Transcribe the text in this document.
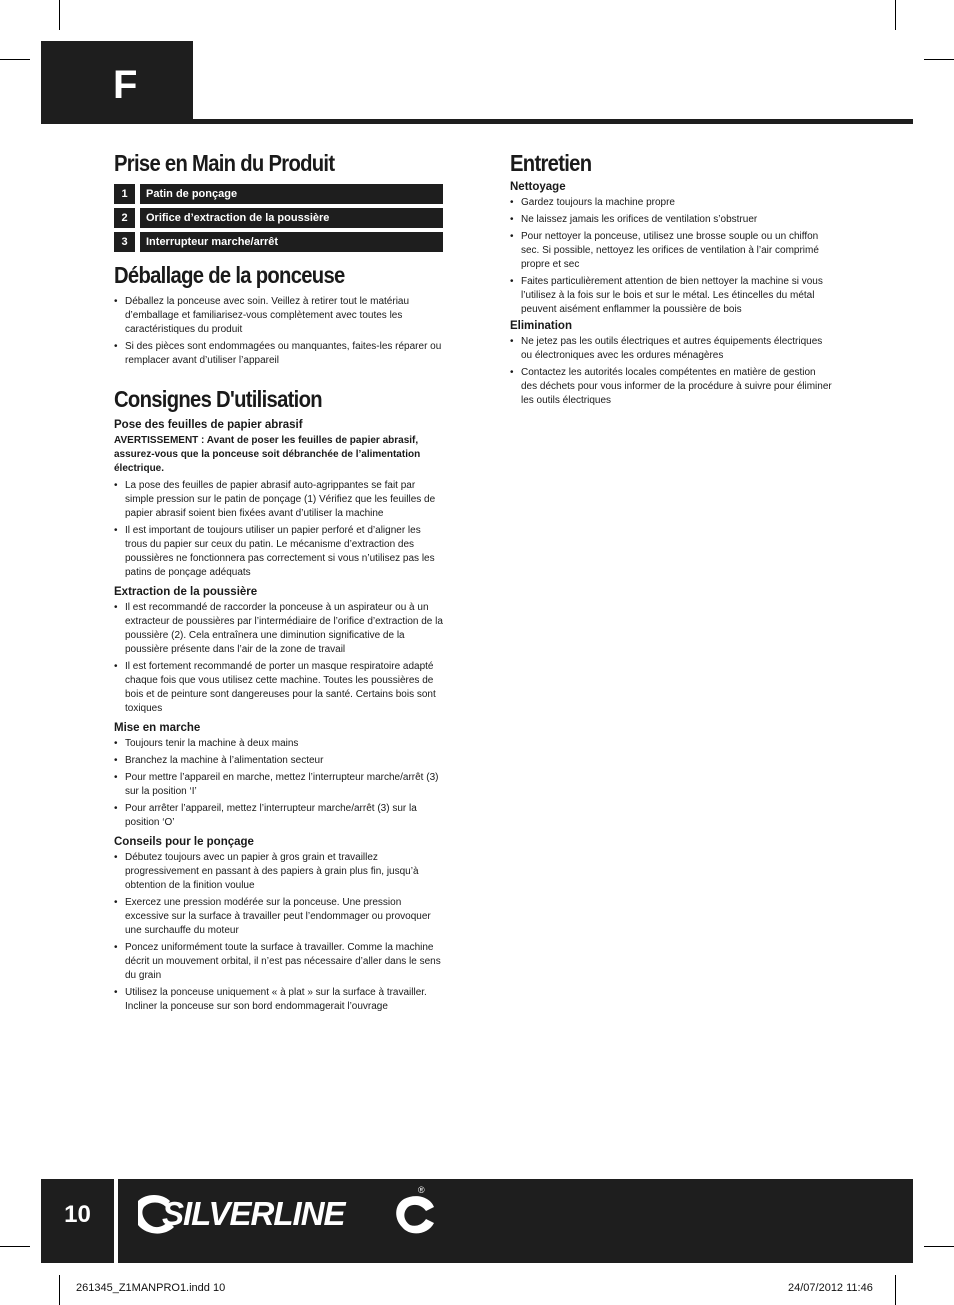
F
Prise en Main du Produit
1	Patin de ponçage
2	Orifice d’extraction de la poussière
3	Interrupteur marche/arrêt
Déballage de la ponceuse
• Déballez la ponceuse avec soin. Veillez à retirer tout le matériau d’emballage et familiarisez-vous complètement avec toutes les caractéristiques du produit
• Si des pièces sont endommagées ou manquantes, faites-les réparer ou remplacer avant d’utiliser l’appareil
Consignes D'utilisation
Pose des feuilles de papier abrasif
AVERTISSEMENT : Avant de poser les feuilles de papier abrasif, assurez-vous que la ponceuse soit débranchée de l’alimentation électrique.
• La pose des feuilles de papier abrasif auto-agrippantes se fait par simple pression sur le patin de ponçage (1) Vérifiez que les feuilles de papier abrasif soient bien fixées avant d’utiliser la machine
• Il est important de toujours utiliser un papier perforé et d’aligner les trous du papier sur ceux du patin. Le mécanisme d’extraction des poussières ne fonctionnera pas correctement si vous n’utilisez pas les patins de ponçage adéquats
Extraction de la poussière
• Il est recommandé de raccorder la ponceuse à un aspirateur ou à un extracteur de poussières par l’intermédiaire de l’orifice d’extraction de la poussière (2). Cela entraînera une diminution significative de la poussière présente dans l’air de la zone de travail
• Il est fortement recommandé de porter un masque respiratoire adapté chaque fois que vous utilisez cette machine. Toutes les poussières de bois et de peinture sont dangereuses pour la santé. Certains bois sont toxiques
Mise en marche
• Toujours tenir la machine à deux mains
• Branchez la machine à l’alimentation secteur
• Pour mettre l’appareil en marche, mettez l’interrupteur marche/arrêt (3) sur la position ‘I’
• Pour arrêter l’appareil, mettez l’interrupteur marche/arrêt (3) sur la position ‘O’
Conseils pour le ponçage
• Débutez toujours avec un papier à gros grain et travaillez progressivement en passant à des papiers à grain plus fin, jusqu’à obtention de la finition voulue
• Exercez une pression modérée sur la ponceuse. Une pression excessive sur la surface à travailler peut l’endommager ou provoquer une surchauffe du moteur
• Poncez uniformément toute la surface à travailler. Comme la machine décrit un mouvement orbital, il n’est pas nécessaire d’aller dans le sens du grain
• Utilisez la ponceuse uniquement « à plat » sur la surface à travailler. Incliner la ponceuse sur son bord endommagerait l’ouvrage
Entretien
Nettoyage
• Gardez toujours la machine propre
• Ne laissez jamais les orifices de ventilation s’obstruer
• Pour nettoyer la ponceuse, utilisez une brosse souple ou un chiffon sec. Si possible, nettoyez les orifices de ventilation à l’air comprimé propre et sec
• Faites particulièrement attention de bien nettoyer la machine si vous l’utilisez à la fois sur le bois et sur le métal. Les étincelles du métal peuvent aisément enflammer la poussière de bois
Elimination
• Ne jetez pas les outils électriques et autres équipements électriques ou électroniques avec les ordures ménagères
• Contactez les autorités locales compétentes en matière de gestion des déchets pour vous informer de la procédure à suivre pour éliminer les outils électriques
10	SILVERLINE
®
261345_Z1MANPRO1.indd 10	24/07/2012 11:46
